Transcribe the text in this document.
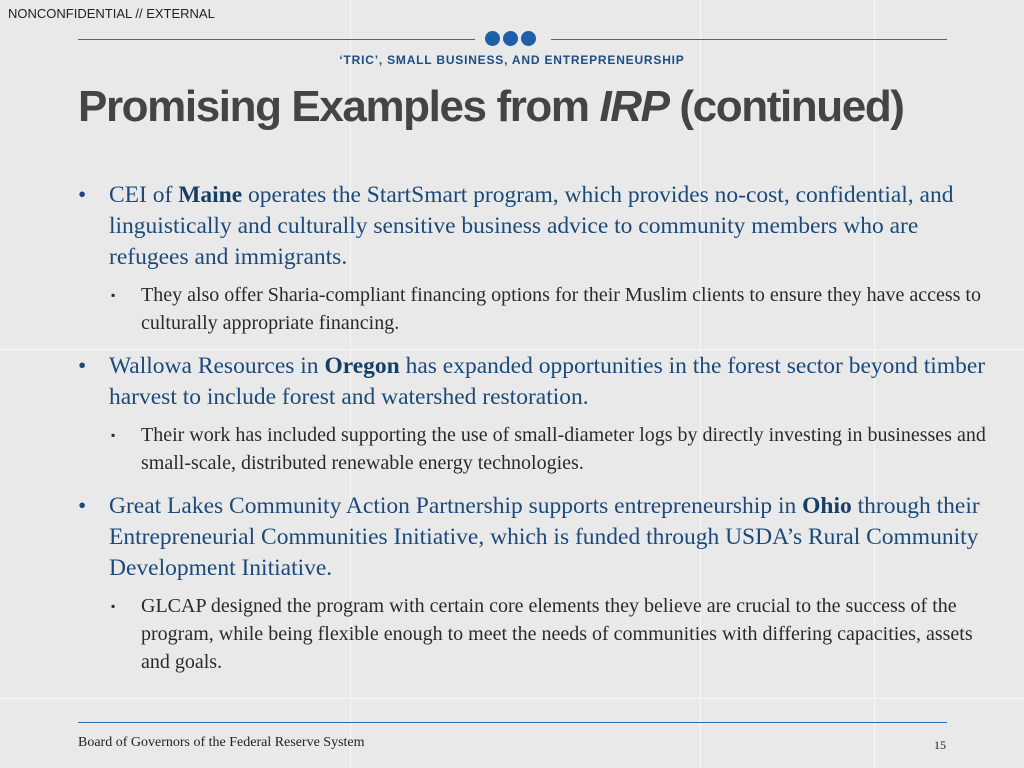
NONCONFIDENTIAL // EXTERNAL
‘TRIC’, SMALL BUSINESS, AND ENTREPRENEURSHIP
Promising Examples from IRP (continued)
• CEI of Maine operates the StartSmart program, which provides no-cost, confidential, and linguistically and culturally sensitive business advice to community members who are refugees and immigrants.
▪ They also offer Sharia-compliant financing options for their Muslim clients to ensure they have access to culturally appropriate financing.
• Wallowa Resources in Oregon has expanded opportunities in the forest sector beyond timber harvest to include forest and watershed restoration.
▪ Their work has included supporting the use of small-diameter logs by directly investing in businesses and small-scale, distributed renewable energy technologies.
• Great Lakes Community Action Partnership supports entrepreneurship in Ohio through their Entrepreneurial Communities Initiative, which is funded through USDA’s Rural Community Development Initiative.
▪ GLCAP designed the program with certain core elements they believe are crucial to the success of the program, while being flexible enough to meet the needs of communities with differing capacities, assets and goals.
Board of Governors of the Federal Reserve System	15
